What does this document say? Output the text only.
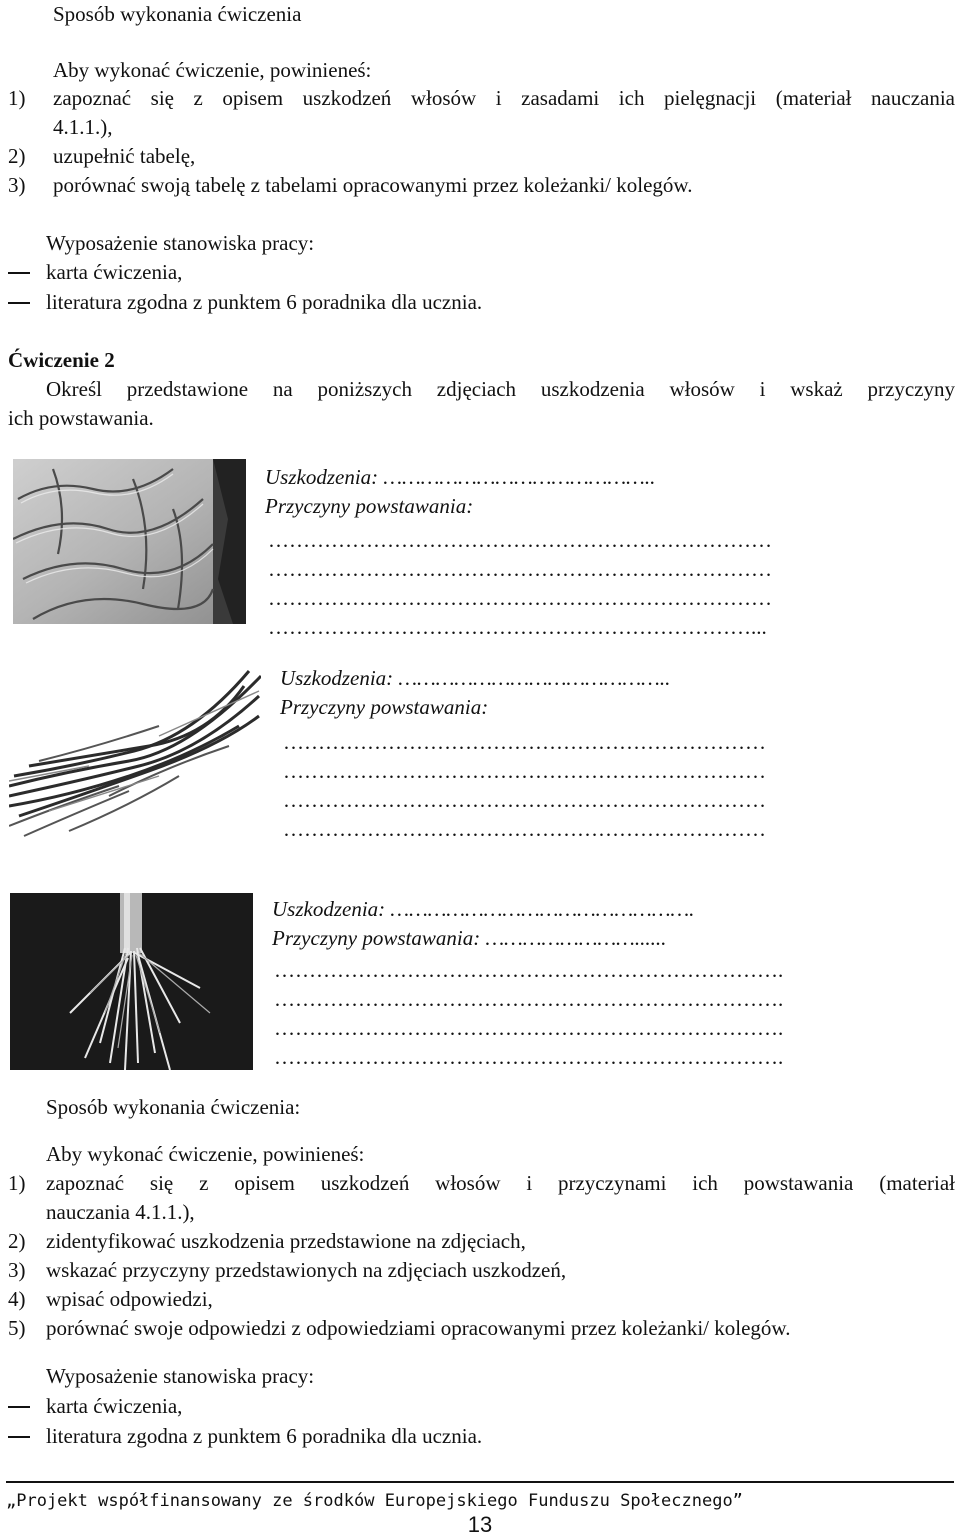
Sposób wykonania ćwiczenia
Aby wykonać ćwiczenie, powinieneś:
1) zapoznać się z opisem uszkodzeń włosów i zasadami ich pielęgnacji (materiał nauczania
4.1.1.),
2) uzupełnić tabelę,
3) porównać swoją tabelę z tabelami opracowanymi przez koleżanki/ kolegów.
Wyposażenie stanowiska pracy:
karta ćwiczenia,
literatura zgodna z punktem 6 poradnika dla ucznia.
Ćwiczenie 2
Określ przedstawione na poniższych zdjęciach uszkodzenia włosów i wskaż przyczyny
ich powstawania.
Uszkodzenia: ……………………………………..
Przyczyny powstawania:
………………………………………………………………
………………………………………………………………
………………………………………………………………
……………………………………………………………...
Uszkodzenia: ……………………………………..
Przyczyny powstawania:
……………………………………………………………
……………………………………………………………
……………………………………………………………
……………………………………………………………
Uszkodzenia: ………………………………………….
Przyczyny powstawania: ……………………......
……………………………………………………………….
……………………………………………………………….
……………………………………………………………….
……………………………………………………………….
Sposób wykonania ćwiczenia:
Aby wykonać ćwiczenie, powinieneś:
1) zapoznać się z opisem uszkodzeń włosów i przyczynami ich powstawania (materiał
nauczania 4.1.1.),
2) zidentyfikować uszkodzenia przedstawione na zdjęciach,
3) wskazać przyczyny przedstawionych na zdjęciach uszkodzeń,
4) wpisać odpowiedzi,
5) porównać swoje odpowiedzi z odpowiedziami opracowanymi przez koleżanki/ kolegów.
Wyposażenie stanowiska pracy:
karta ćwiczenia,
literatura zgodna z punktem 6 poradnika dla ucznia.
„Projekt współfinansowany ze środków Europejskiego Funduszu Społecznego”
13
